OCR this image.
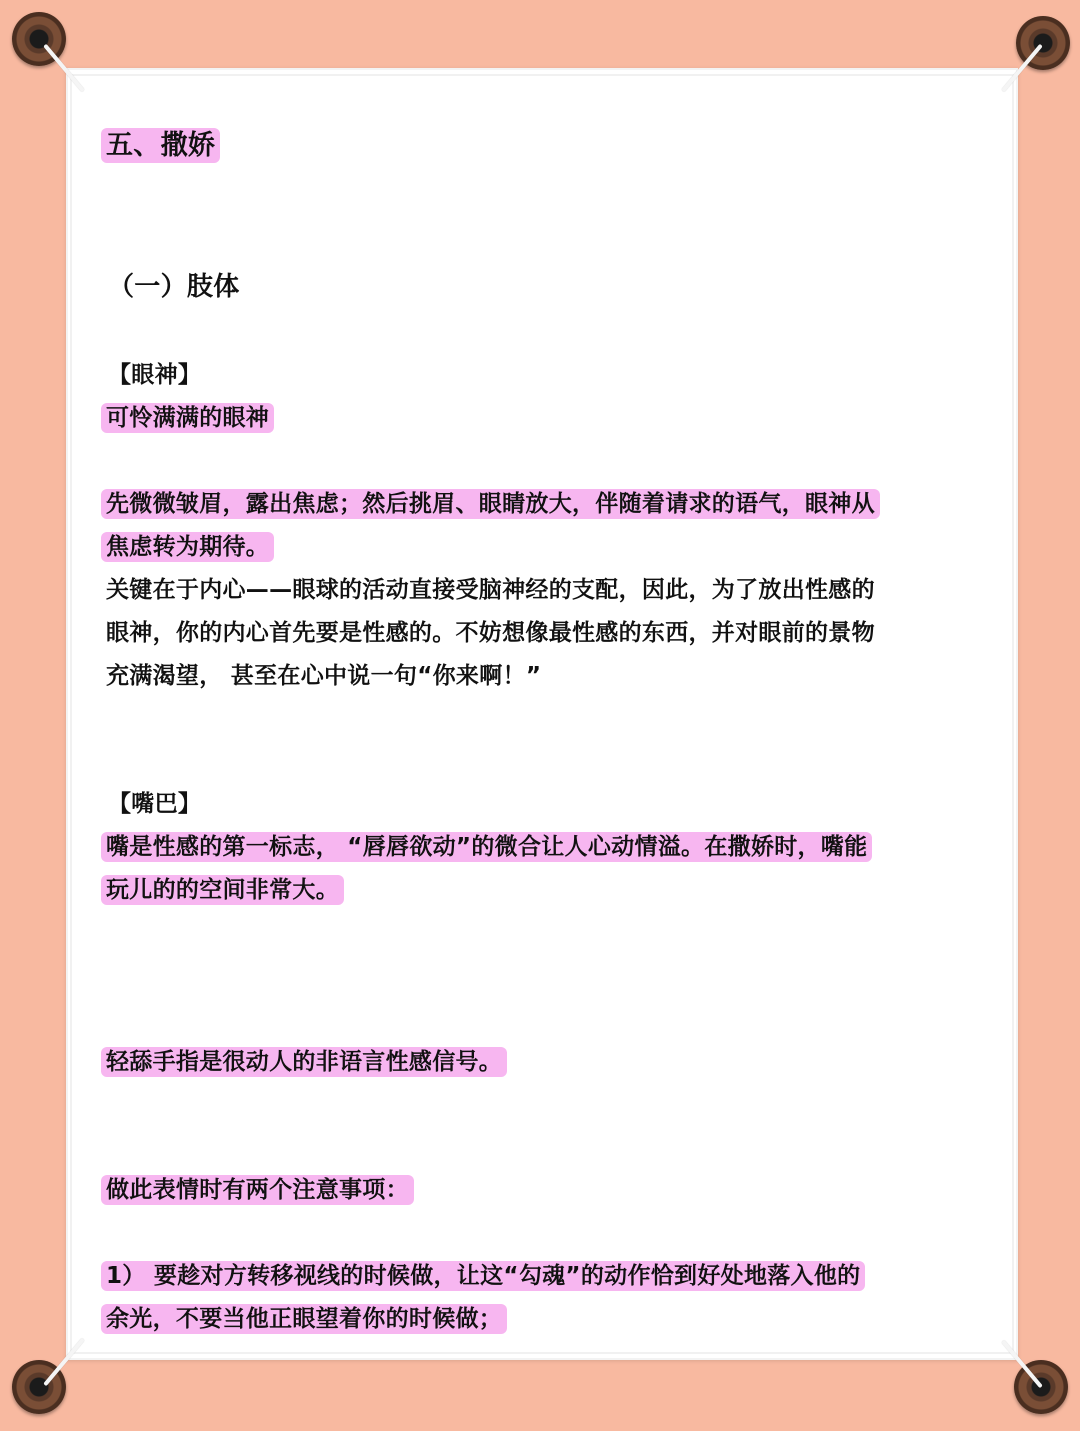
五、撒娇
（一）肢体
【眼神】
可怜满满的眼神
先微微皱眉，露出焦虑；然后挑眉、眼睛放大，伴随着请求的语气，眼神从
焦虑转为期待。
关键在于内心——眼球的活动直接受脑神经的支配，因此，为了放出性感的
眼神，你的内心首先要是性感的。不妨想像最性感的东西，并对眼前的景物
充满渴望， 甚至在心中说一句“你来啊！”
【嘴巴】
嘴是性感的第一标志， “唇唇欲动”的微合让人心动情溢。在撒娇时，嘴能
玩儿的的空间非常大。
轻舔手指是很动人的非语言性感信号。
做此表情时有两个注意事项：
1） 要趁对方转移视线的时候做，让这“勾魂”的动作恰到好处地落入他的
余光，不要当他正眼望着你的时候做；
